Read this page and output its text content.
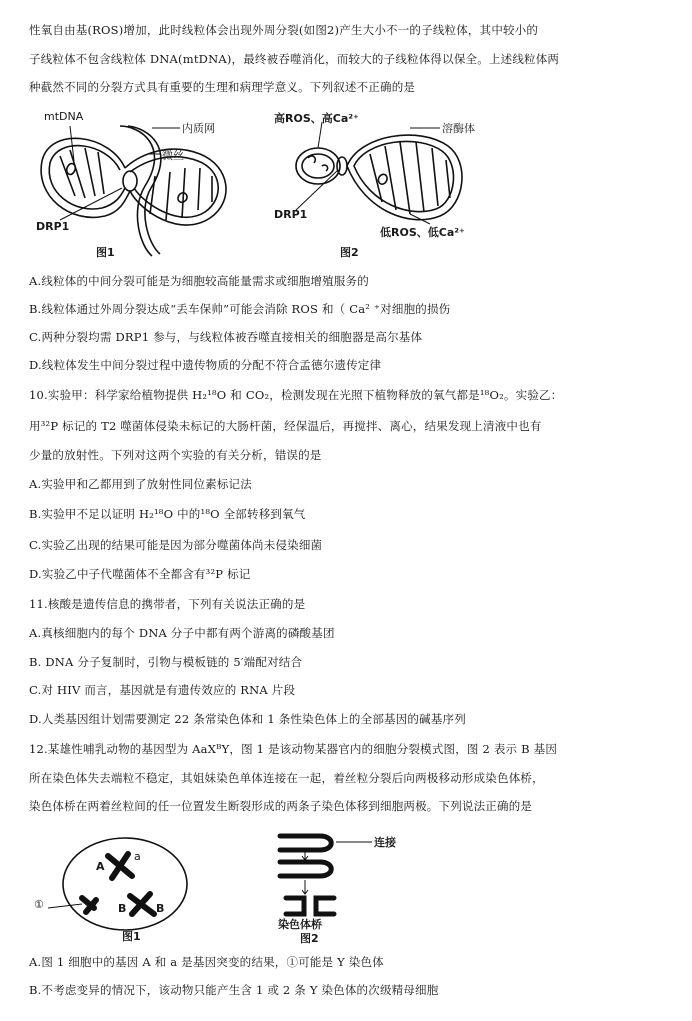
性氧自由基(ROS)增加，此时线粒体会出现外周分裂(如图2)产生大小不一的子线粒体，其中较小的
子线粒体不包含线粒体 DNA(mtDNA)，最终被吞噬消化，而较大的子线粒体得以保全。上述线粒体两
种截然不同的分裂方式具有重要的生理和病理学意义。下列叙述不正确的是
mtDNA
内质网
微丝
DRP1
图1
高ROS、高Ca²⁺
溶酶体
DRP1
低ROS、低Ca²⁺
图2
A.线粒体的中间分裂可能是为细胞较高能量需求或细胞增殖服务的
B.线粒体通过外周分裂达成“丢车保帅”可能会消除 ROS 和（ Ca² ⁺对细胞的损伤
C.两种分裂均需 DRP1 参与，与线粒体被吞噬直接相关的细胞器是高尔基体
D.线粒体发生中间分裂过程中遗传物质的分配不符合孟德尔遗传定律
10.实验甲：科学家给植物提供 H₂¹⁸O 和 CO₂，检测发现在光照下植物释放的氧气都是¹⁸O₂。实验乙：
用³²P 标记的 T2 噬菌体侵染未标记的大肠杆菌，经保温后，再搅拌、离心，结果发现上清液中也有
少量的放射性。下列对这两个实验的有关分析，错误的是
A.实验甲和乙都用到了放射性同位素标记法
B.实验甲不足以证明 H₂¹⁸O 中的¹⁸O 全部转移到氧气
C.实验乙出现的结果可能是因为部分噬菌体尚未侵染细菌
D.实验乙中子代噬菌体不全都含有³²P 标记
11.核酸是遗传信息的携带者，下列有关说法正确的是
A.真核细胞内的每个 DNA 分子中都有两个游离的磷酸基团
B. DNA 分子复制时，引物与模板链的 5′端配对结合
C.对 HIV 而言，基因就是有遗传效应的 RNA 片段
D.人类基因组计划需要测定 22 条常染色体和 1 条性染色体上的全部基因的碱基序列
12.某雄性哺乳动物的基因型为 AaXᴮY，图 1 是该动物某器官内的细胞分裂模式图，图 2 表示 B 基因
所在染色体失去端粒不稳定，其姐妹染色单体连接在一起，着丝粒分裂后向两极移动形成染色体桥，
染色体桥在两着丝粒间的任一位置发生断裂形成的两条子染色体移到细胞两极。下列说法正确的是
①
A
a
B	B
图1
连接
染色体桥
图2
A.图 1 细胞中的基因 A 和 a 是基因突变的结果，①可能是 Y 染色体
B.不考虑变异的情况下，该动物只能产生含 1 或 2 条 Y 染色体的次级精母细胞
